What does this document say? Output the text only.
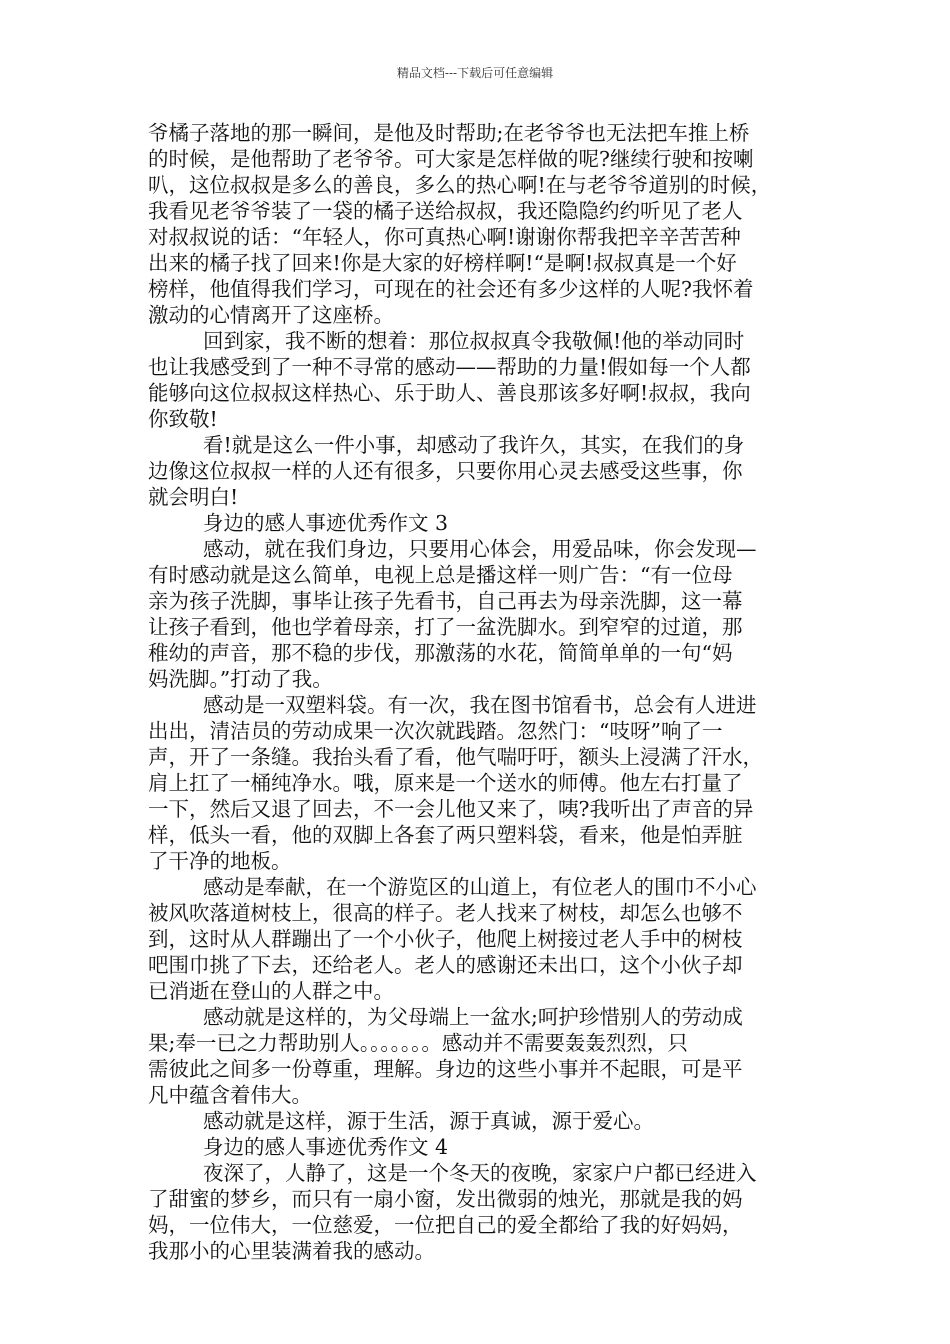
精品文档---下载后可任意编辑
爷橘子落地的那一瞬间，是他及时帮助;在老爷爷也无法把车推上桥
的时候，是他帮助了老爷爷。可大家是怎样做的呢?继续行驶和按喇
叭，这位叔叔是多么的善良，多么的热心啊!在与老爷爷道别的时候，
我看见老爷爷装了一袋的橘子送给叔叔，我还隐隐约约听见了老人
对叔叔说的话：“年轻人，你可真热心啊!谢谢你帮我把辛辛苦苦种
出来的橘子找了回来!你是大家的好榜样啊!“是啊!叔叔真是一个好
榜样，他值得我们学习，可现在的社会还有多少这样的人呢?我怀着
激动的心情离开了这座桥。
回到家，我不断的想着：那位叔叔真令我敬佩!他的举动同时
也让我感受到了一种不寻常的感动——帮助的力量!假如每一个人都
能够向这位叔叔这样热心、乐于助人、善良那该多好啊!叔叔，我向
你致敬!
看!就是这么一件小事，却感动了我许久，其实，在我们的身
边像这位叔叔一样的人还有很多，只要你用心灵去感受这些事，你
就会明白!
身边的感人事迹优秀作文 3
感动，就在我们身边，只要用心体会，用爱品味，你会发现—
有时感动就是这么简单，电视上总是播这样一则广告：“有一位母
亲为孩子洗脚，事毕让孩子先看书，自己再去为母亲洗脚，这一幕
让孩子看到，他也学着母亲，打了一盆洗脚水。到窄窄的过道，那
稚幼的声音，那不稳的步伐，那激荡的水花，简简单单的一句“妈
妈洗脚。”打动了我。
感动是一双塑料袋。有一次，我在图书馆看书，总会有人进进
出出，清洁员的劳动成果一次次就践踏。忽然门：“吱呀”响了一
声，开了一条缝。我抬头看了看，他气喘吁吁，额头上浸满了汗水，
肩上扛了一桶纯净水。哦，原来是一个送水的师傅。他左右打量了
一下，然后又退了回去，不一会儿他又来了，咦?我听出了声音的异
样，低头一看，他的双脚上各套了两只塑料袋，看来，他是怕弄脏
了干净的地板。
感动是奉献，在一个游览区的山道上，有位老人的围巾不小心
被风吹落道树枝上，很高的样子。老人找来了树枝，却怎么也够不
到，这时从人群蹦出了一个小伙子，他爬上树接过老人手中的树枝
吧围巾挑了下去，还给老人。老人的感谢还未出口，这个小伙子却
已消逝在登山的人群之中。
感动就是这样的，为父母端上一盆水;呵护珍惜别人的劳动成
果;奉一已之力帮助别人。。。。。。。感动并不需要轰轰烈烈，只
需彼此之间多一份尊重，理解。身边的这些小事并不起眼，可是平
凡中蕴含着伟大。
感动就是这样，源于生活，源于真诚，源于爱心。
身边的感人事迹优秀作文 4
夜深了，人静了，这是一个冬天的夜晚，家家户户都已经进入
了甜蜜的梦乡，而只有一扇小窗，发出微弱的烛光，那就是我的妈
妈，一位伟大，一位慈爱，一位把自己的爱全都给了我的好妈妈，
我那小的心里装满着我的感动。
